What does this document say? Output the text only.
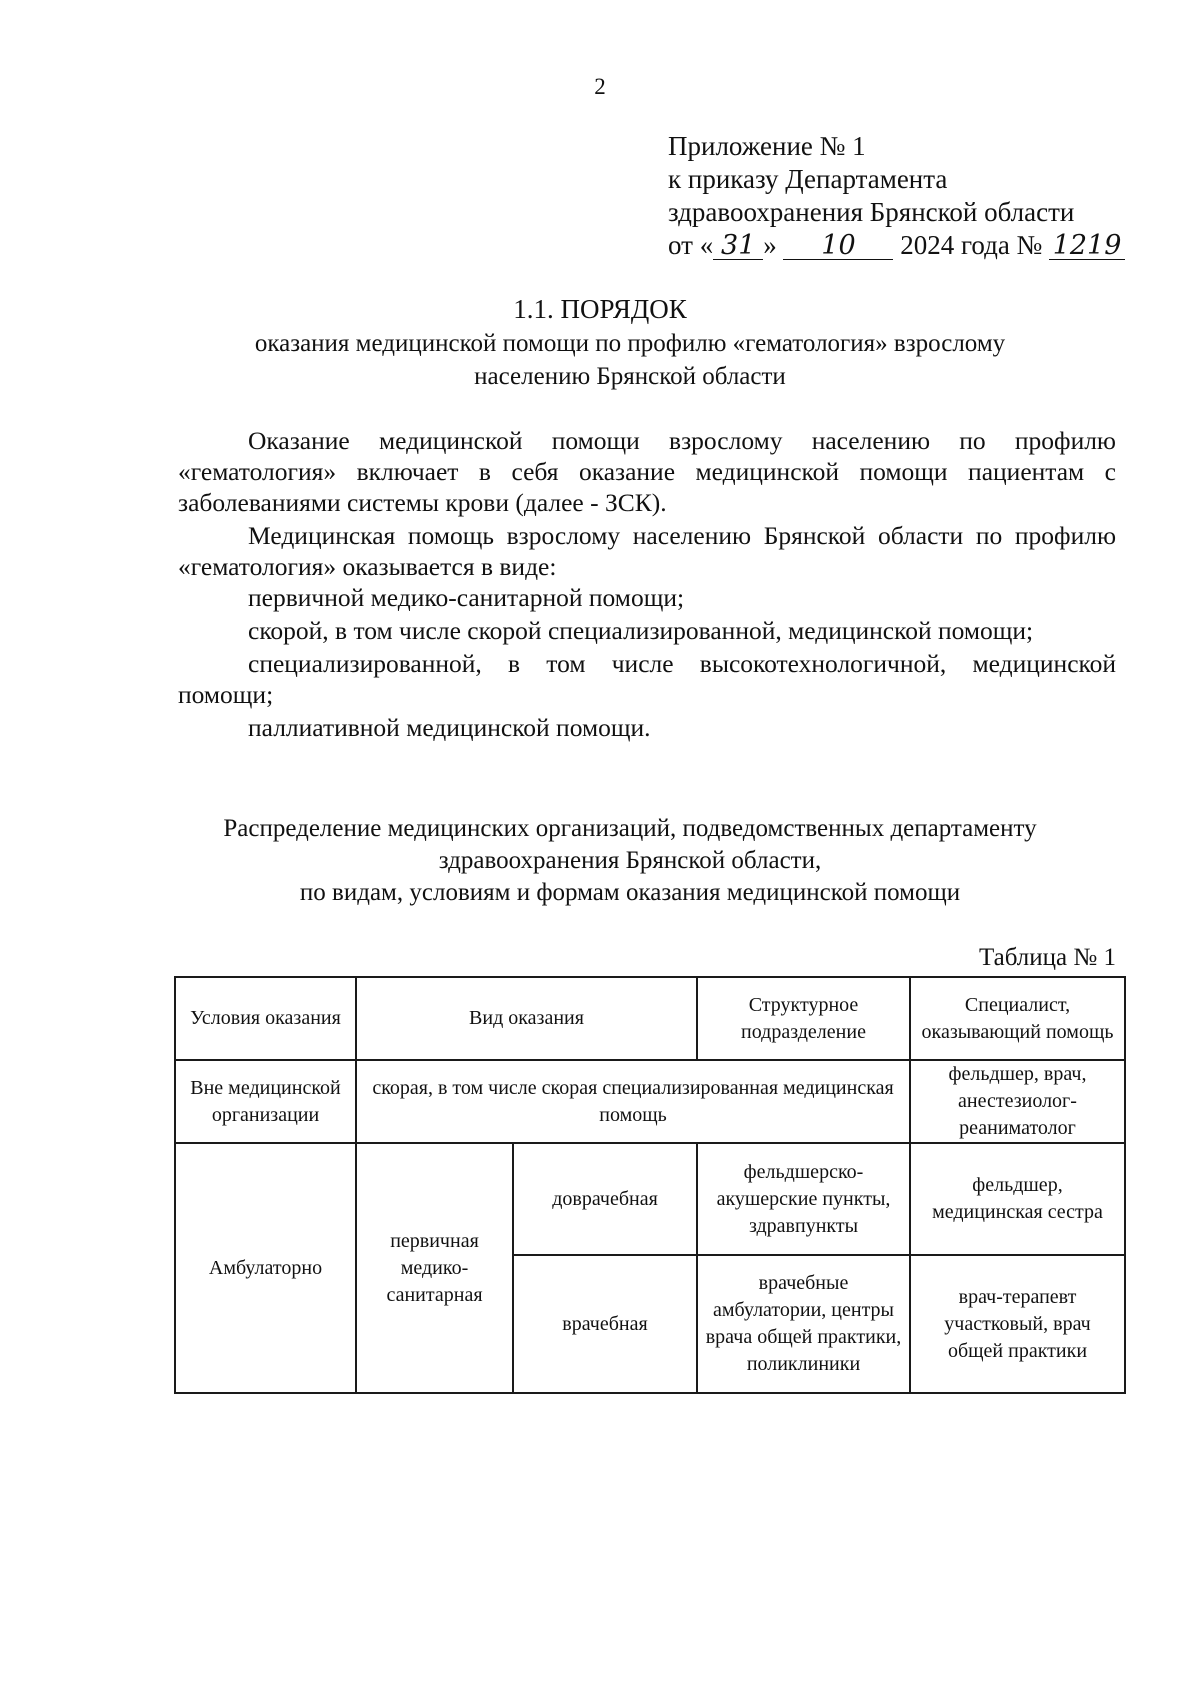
2
Приложение № 1
к приказу Департамента
здравоохранения Брянской области
от « 31 » 10 2024 года № 1219
1.1. ПОРЯДОК
оказания медицинской помощи по профилю «гематология» взрослому
населению Брянской области

Оказание медицинской помощи взрослому населению по профилю «гематология» включает в себя оказание медицинской помощи пациентам с заболеваниями системы крови (далее - ЗСК).

Медицинская помощь взрослому населению Брянской области по профилю «гематология» оказывается в виде:

первичной медико-санитарной помощи;

скорой, в том числе скорой специализированной, медицинской помощи;

специализированной, в том числе высокотехнологичной, медицинской помощи;

паллиативной медицинской помощи.

Распределение медицинских организаций, подведомственных департаменту
здравоохранения Брянской области,
по видам, условиям и формам оказания медицинской помощи
Таблица № 1
Условия оказания	Вид оказания		Структурное подразделение	Специалист, оказывающий помощь
Вне медицинской организации	скорая, в том числе скорая специализированная медицинская помощь			фельдшер, врач, анестезиолог-реаниматолог
Амбулаторно	первичная медико-санитарная	доврачебная	фельдшерско-акушерские пункты, здравпункты	фельдшер, медицинская сестра
		врачебная	врачебные амбулатории, центры врача общей практики, поликлиники	врач-терапевт участковый, врач общей практики
